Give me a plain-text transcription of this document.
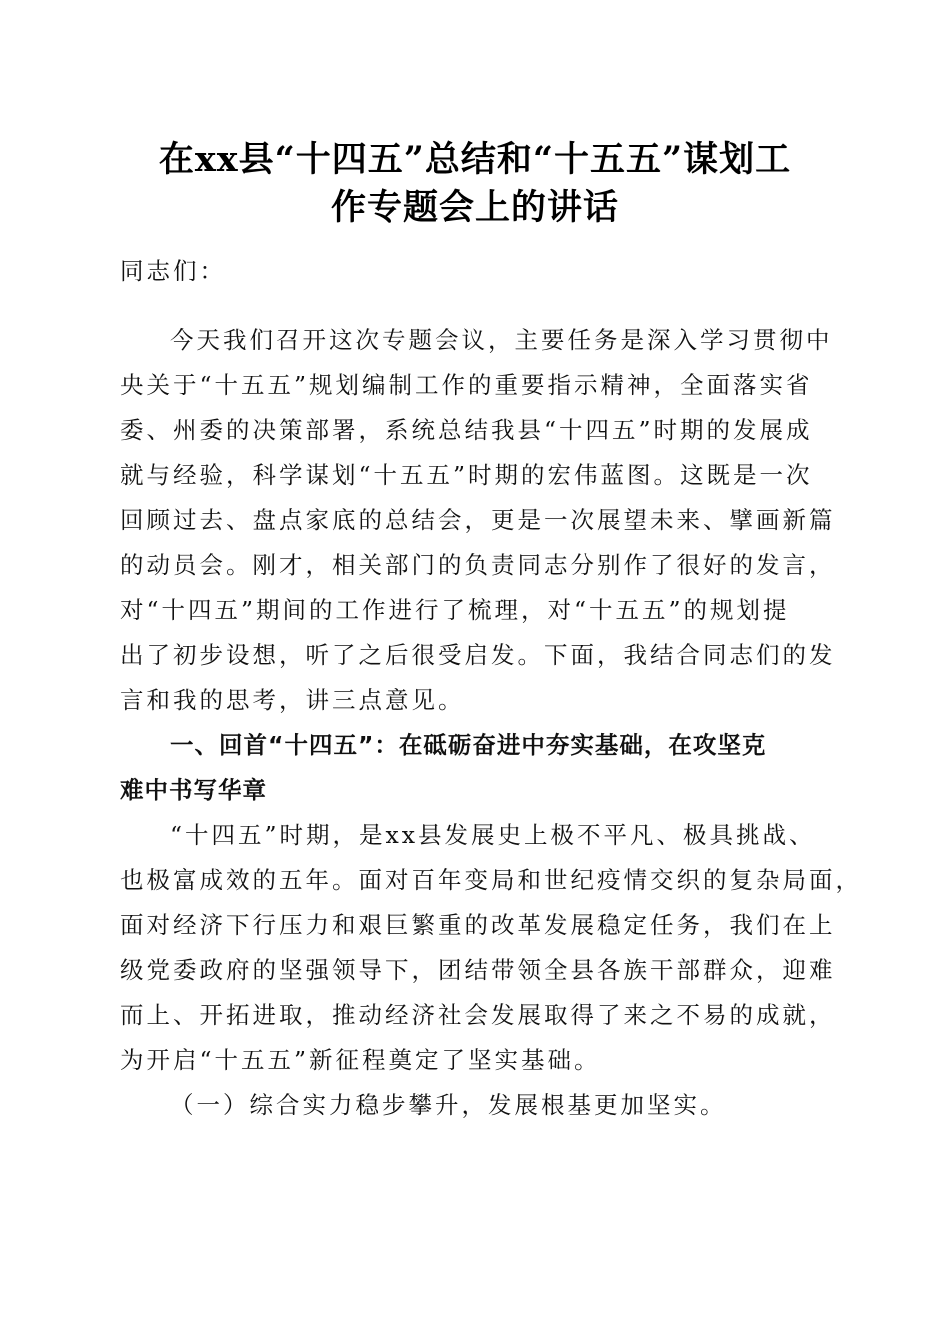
在xx县“十四五”总结和“十五五”谋划工
作专题会上的讲话
同志们：
今天我们召开这次专题会议，主要任务是深入学习贯彻中
央关于“十五五”规划编制工作的重要指示精神，全面落实省
委、州委的决策部署，系统总结我县“十四五”时期的发展成
就与经验，科学谋划“十五五”时期的宏伟蓝图。这既是一次
回顾过去、盘点家底的总结会，更是一次展望未来、擘画新篇
的动员会。刚才，相关部门的负责同志分别作了很好的发言，
对“十四五”期间的工作进行了梳理，对“十五五”的规划提
出了初步设想，听了之后很受启发。下面，我结合同志们的发
言和我的思考，讲三点意见。
一、回首“十四五”：在砥砺奋进中夯实基础，在攻坚克
难中书写华章
“十四五”时期，是xx县发展史上极不平凡、极具挑战、
也极富成效的五年。面对百年变局和世纪疫情交织的复杂局面，
面对经济下行压力和艰巨繁重的改革发展稳定任务，我们在上
级党委政府的坚强领导下，团结带领全县各族干部群众，迎难
而上、开拓进取，推动经济社会发展取得了来之不易的成就，
为开启“十五五”新征程奠定了坚实基础。
（一）综合实力稳步攀升，发展根基更加坚实。
